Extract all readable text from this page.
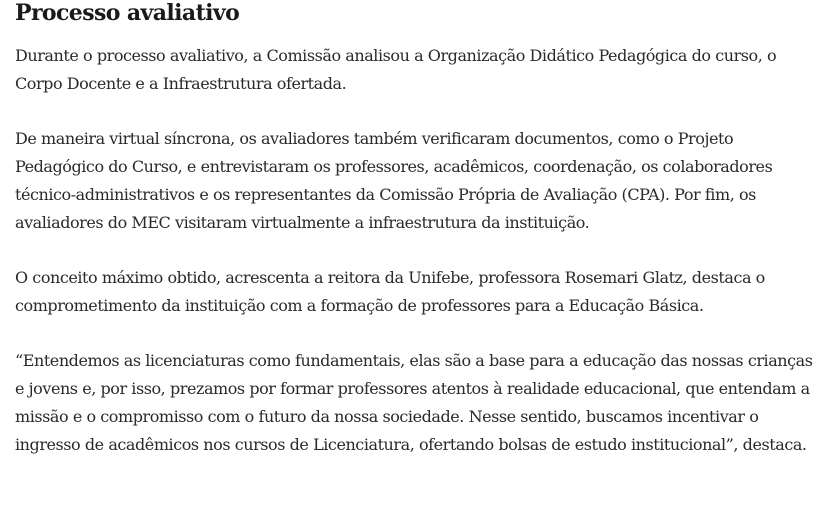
Processo avaliativo

Durante o processo avaliativo, a Comissão analisou a Organização Didático Pedagógica do curso, o Corpo Docente e a Infraestrutura ofertada.

De maneira virtual síncrona, os avaliadores também verificaram documentos, como o Projeto Pedagógico do Curso, e entrevistaram os professores, acadêmicos, coordenação, os colaboradores técnico-administrativos e os representantes da Comissão Própria de Avaliação (CPA). Por fim, os avaliadores do MEC visitaram virtualmente a infraestrutura da instituição.

O conceito máximo obtido, acrescenta a reitora da Unifebe, professora Rosemari Glatz, destaca o comprometimento da instituição com a formação de professores para a Educação Básica.

“Entendemos as licenciaturas como fundamentais, elas são a base para a educação das nossas crianças e jovens e, por isso, prezamos por formar professores atentos à realidade educacional, que entendam a missão e o compromisso com o futuro da nossa sociedade. Nesse sentido, buscamos incentivar o ingresso de acadêmicos nos cursos de Licenciatura, ofertando bolsas de estudo institucional”, destaca.
